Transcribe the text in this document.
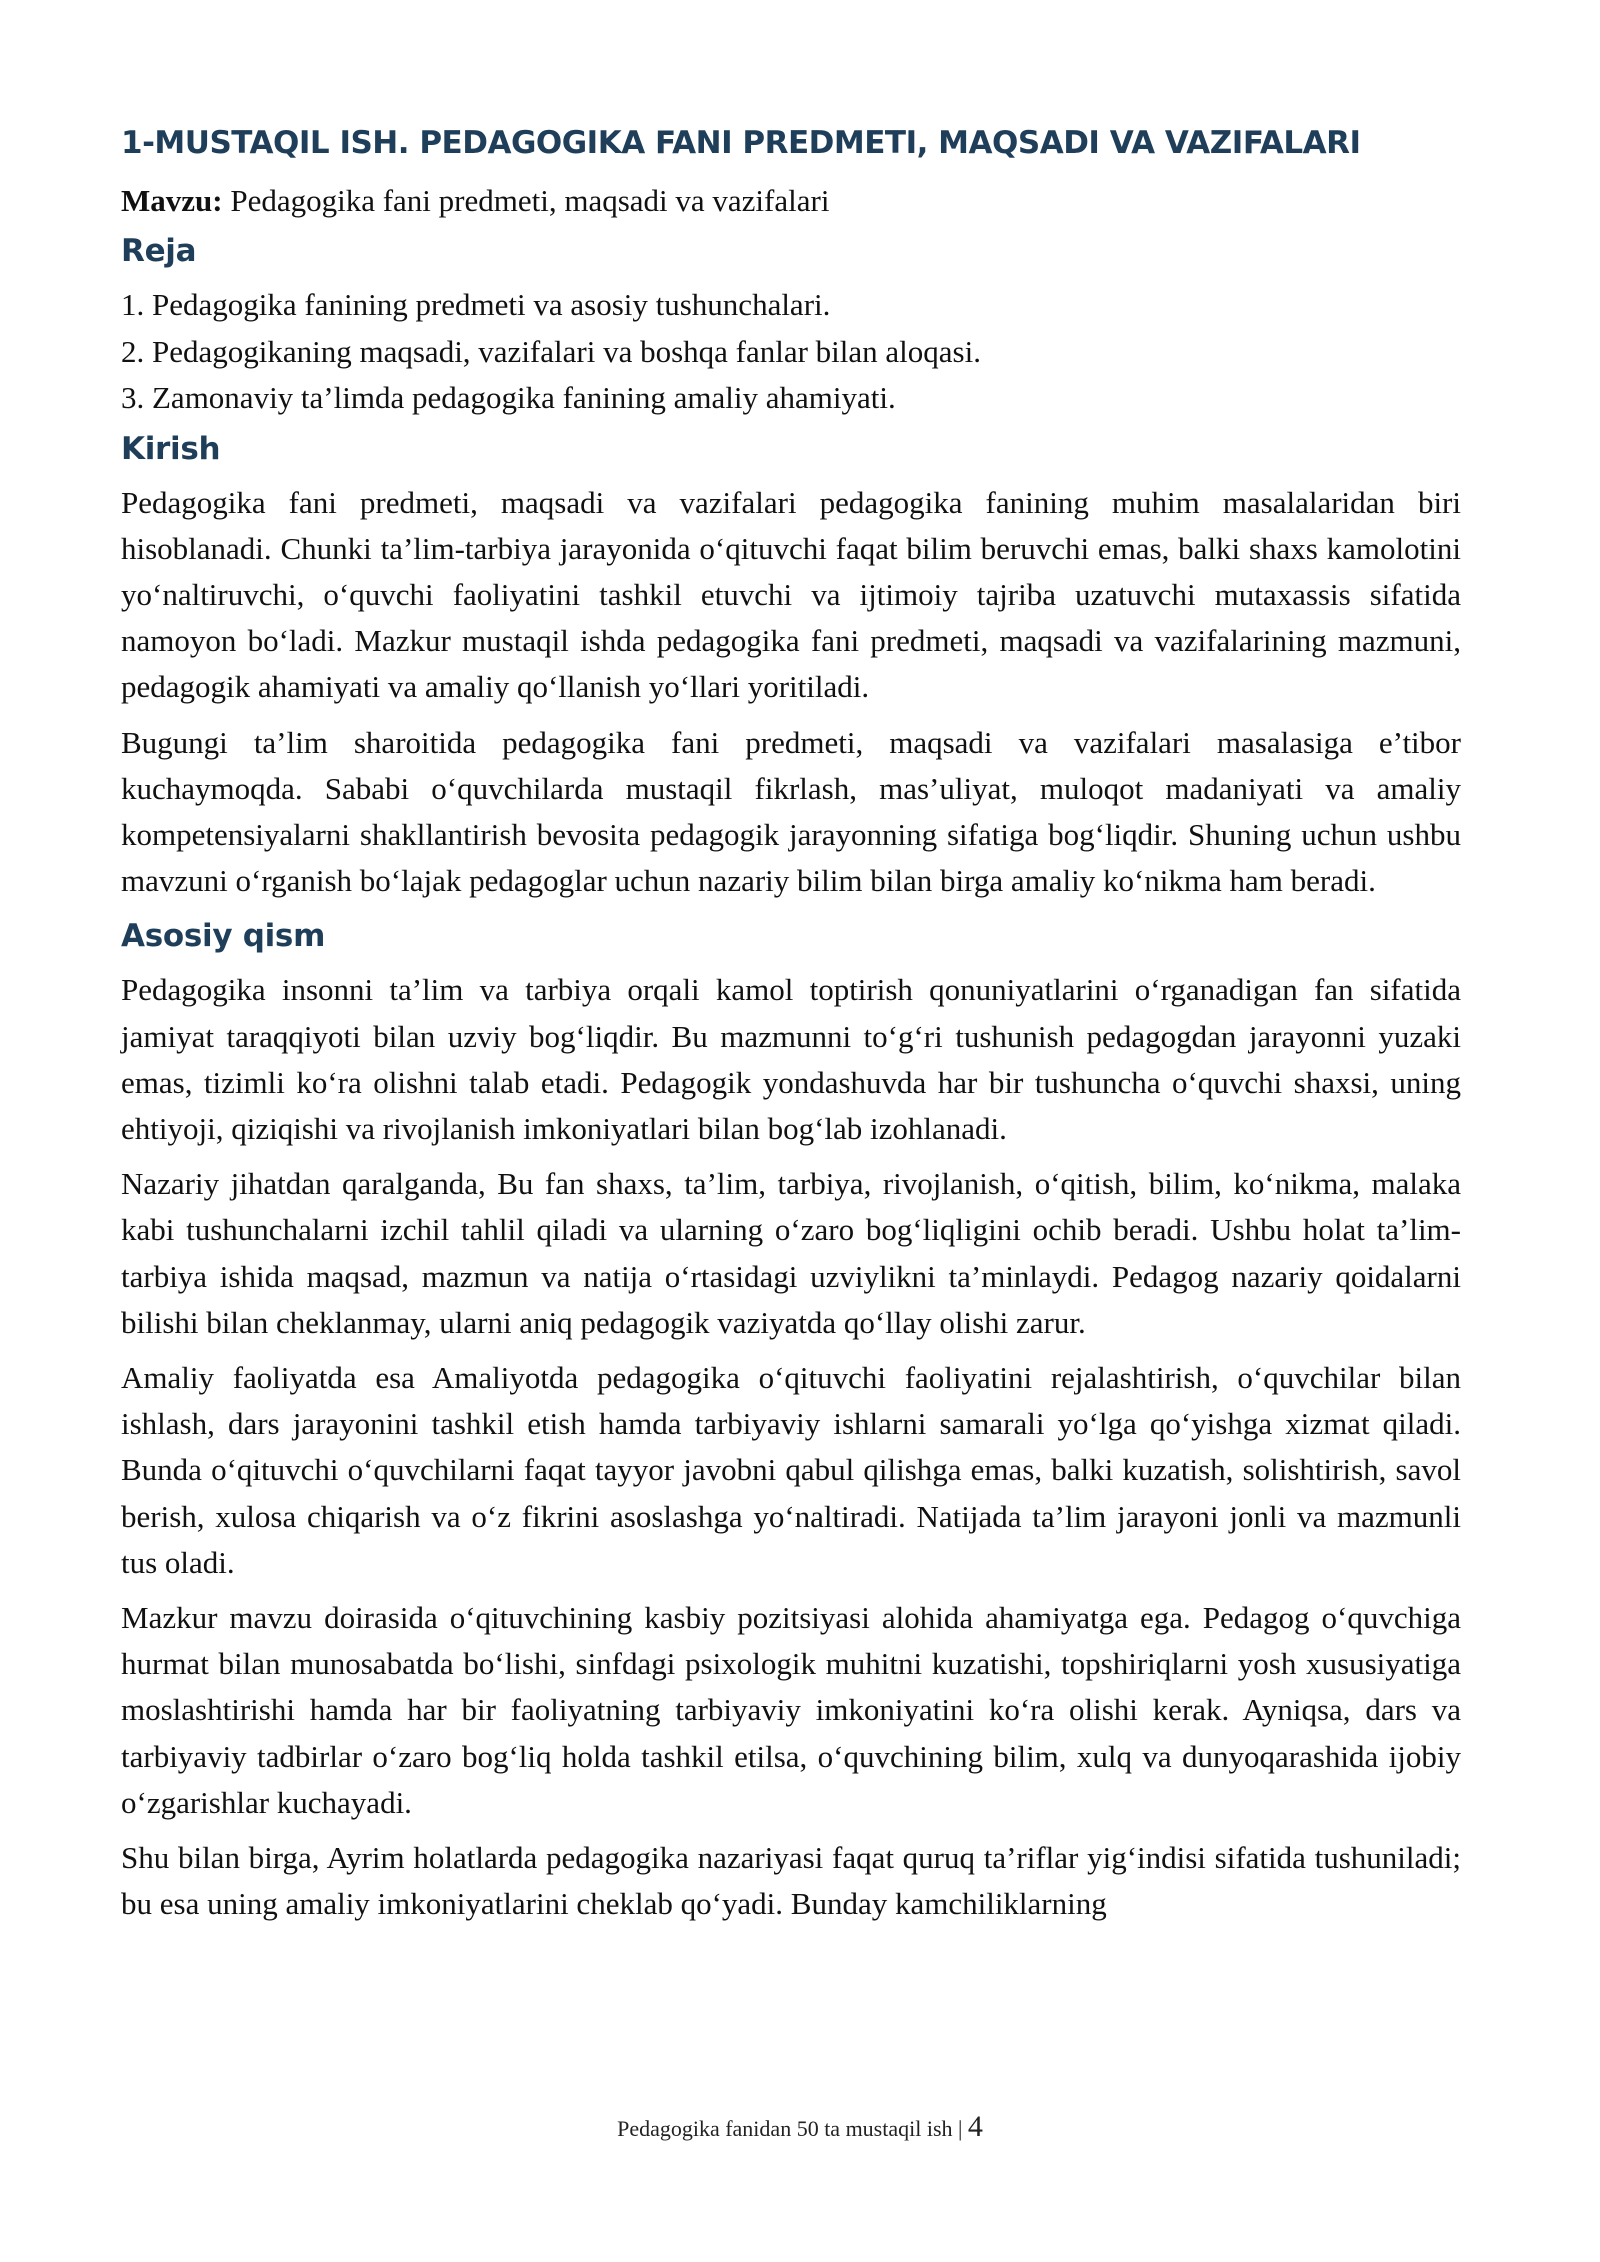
1-MUSTAQIL ISH. PEDAGOGIKA FANI PREDMETI, MAQSADI VA VAZIFALARI

Mavzu: Pedagogika fani predmeti, maqsadi va vazifalari

Reja

1. Pedagogika fanining predmeti va asosiy tushunchalari.

2. Pedagogikaning maqsadi, vazifalari va boshqa fanlar bilan aloqasi.

3. Zamonaviy ta’limda pedagogika fanining amaliy ahamiyati.

Kirish

Pedagogika fani predmeti, maqsadi va vazifalari pedagogika fanining muhim masalalaridan biri hisoblanadi. Chunki ta’lim-tarbiya jarayonida o‘qituvchi faqat bilim beruvchi emas, balki shaxs kamolotini yo‘naltiruvchi, o‘quvchi faoliyatini tashkil etuvchi va ijtimoiy tajriba uzatuvchi mutaxassis sifatida namoyon bo‘ladi. Mazkur mustaqil ishda pedagogika fani predmeti, maqsadi va vazifalarining mazmuni, pedagogik ahamiyati va amaliy qo‘llanish yo‘llari yoritiladi.

Bugungi ta’lim sharoitida pedagogika fani predmeti, maqsadi va vazifalari masalasiga e’tibor kuchaymoqda. Sababi o‘quvchilarda mustaqil fikrlash, mas’uliyat, muloqot madaniyati va amaliy kompetensiyalarni shakllantirish bevosita pedagogik jarayonning sifatiga bog‘liqdir. Shuning uchun ushbu mavzuni o‘rganish bo‘lajak pedagoglar uchun nazariy bilim bilan birga amaliy ko‘nikma ham beradi.

Asosiy qism

Pedagogika insonni ta’lim va tarbiya orqali kamol toptirish qonuniyatlarini o‘rganadigan fan sifatida jamiyat taraqqiyoti bilan uzviy bog‘liqdir. Bu mazmunni to‘g‘ri tushunish pedagogdan jarayonni yuzaki emas, tizimli ko‘ra olishni talab etadi. Pedagogik yondashuvda har bir tushuncha o‘quvchi shaxsi, uning ehtiyoji, qiziqishi va rivojlanish imkoniyatlari bilan bog‘lab izohlanadi.

Nazariy jihatdan qaralganda, Bu fan shaxs, ta’lim, tarbiya, rivojlanish, o‘qitish, bilim, ko‘nikma, malaka kabi tushunchalarni izchil tahlil qiladi va ularning o‘zaro bog‘liqligini ochib beradi. Ushbu holat ta’lim-tarbiya ishida maqsad, mazmun va natija o‘rtasidagi uzviylikni ta’minlaydi. Pedagog nazariy qoidalarni bilishi bilan cheklanmay, ularni aniq pedagogik vaziyatda qo‘llay olishi zarur.

Amaliy faoliyatda esa Amaliyotda pedagogika o‘qituvchi faoliyatini rejalashtirish, o‘quvchilar bilan ishlash, dars jarayonini tashkil etish hamda tarbiyaviy ishlarni samarali yo‘lga qo‘yishga xizmat qiladi. Bunda o‘qituvchi o‘quvchilarni faqat tayyor javobni qabul qilishga emas, balki kuzatish, solishtirish, savol berish, xulosa chiqarish va o‘z fikrini asoslashga yo‘naltiradi. Natijada ta’lim jarayoni jonli va mazmunli tus oladi.

Mazkur mavzu doirasida o‘qituvchining kasbiy pozitsiyasi alohida ahamiyatga ega. Pedagog o‘quvchiga hurmat bilan munosabatda bo‘lishi, sinfdagi psixologik muhitni kuzatishi, topshiriqlarni yosh xususiyatiga moslashtirishi hamda har bir faoliyatning tarbiyaviy imkoniyatini ko‘ra olishi kerak. Ayniqsa, dars va tarbiyaviy tadbirlar o‘zaro bog‘liq holda tashkil etilsa, o‘quvchining bilim, xulq va dunyoqarashida ijobiy o‘zgarishlar kuchayadi.

Shu bilan birga, Ayrim holatlarda pedagogika nazariyasi faqat quruq ta’riflar yig‘indisi sifatida tushuniladi; bu esa uning amaliy imkoniyatlarini cheklab qo‘yadi. Bunday kamchiliklarning

Pedagogika fanidan 50 ta mustaqil ish | 4
